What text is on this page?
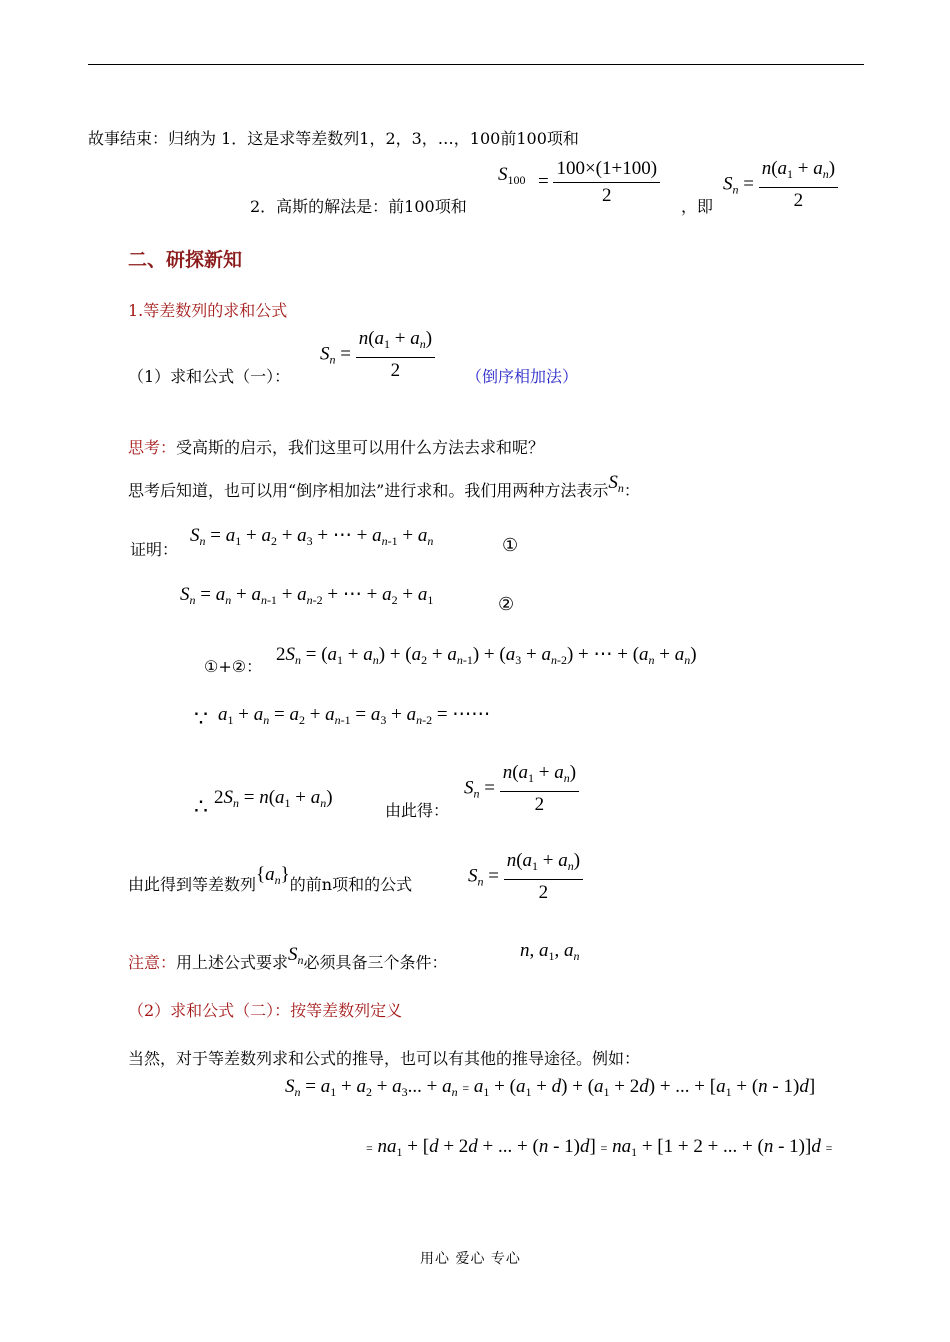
故事结束：归纳为 1．这是求等差数列1，2，3，…，100前100项和
$S_{100} = \frac{100\times(1+100)}{2}$
2．高斯的解法是：前100项和	，即
$S_n = \frac{n(a_1 + a_n)}{2}$
二、研探新知
1.等差数列的求和公式
（1）求和公式（一）：
$S_n = \frac{n(a_1 + a_n)}{2}$ （倒序相加法）
思考：受高斯的启示，我们这里可以用什么方法去求和呢？
思考后知道，也可以用“倒序相加法”进行求和。我们用两种方法表示$S_n$：
证明：
$S_n = a_1 + a_2 + a_3$ + ⋯ + $a_{n-1} + a_n$	①
$S_n = a_n + a_{n-1} + a_{n-2}$ + ⋯ + $a_2 + a_1$	②
①+②：
$2S_n = (a_1 + a_n) + (a_2 + a_{n-1}) + (a_3 + a_{n-2})$ + ⋯ + $(a_n + a_n)$
∵ $a_1 + a_n = a_2 + a_{n-1} = a_3 + a_{n-2}$ = ⋯⋯
∴ $2S_n = n(a_1 + a_n)$
由此得：
$S_n = \frac{n(a_1 + a_n)}{2}$
由此得到等差数列$\{a_n\}$的前n项和的公式	$S_n = \frac{n(a_1 + a_n)}{2}$
注意：用上述公式要求$S_n$必须具备三个条件：
n, $a_1$, $a_n$
（2）求和公式（二）：按等差数列定义
当然，对于等差数列求和公式的推导，也可以有其他的推导途径。例如：
$S_n = a_1 + a_2 + a_3$... + $a_n = a_1 + (a_1 + d) + (a_1 + 2d)$ + ... + $[a_1 + (n - 1)d]$
= $na_1 + [d + 2d$ + ... + $(n - 1)d] = na_1 + [1 + 2$ + ... + (n - 1)]d =
用心 爱心 专心
